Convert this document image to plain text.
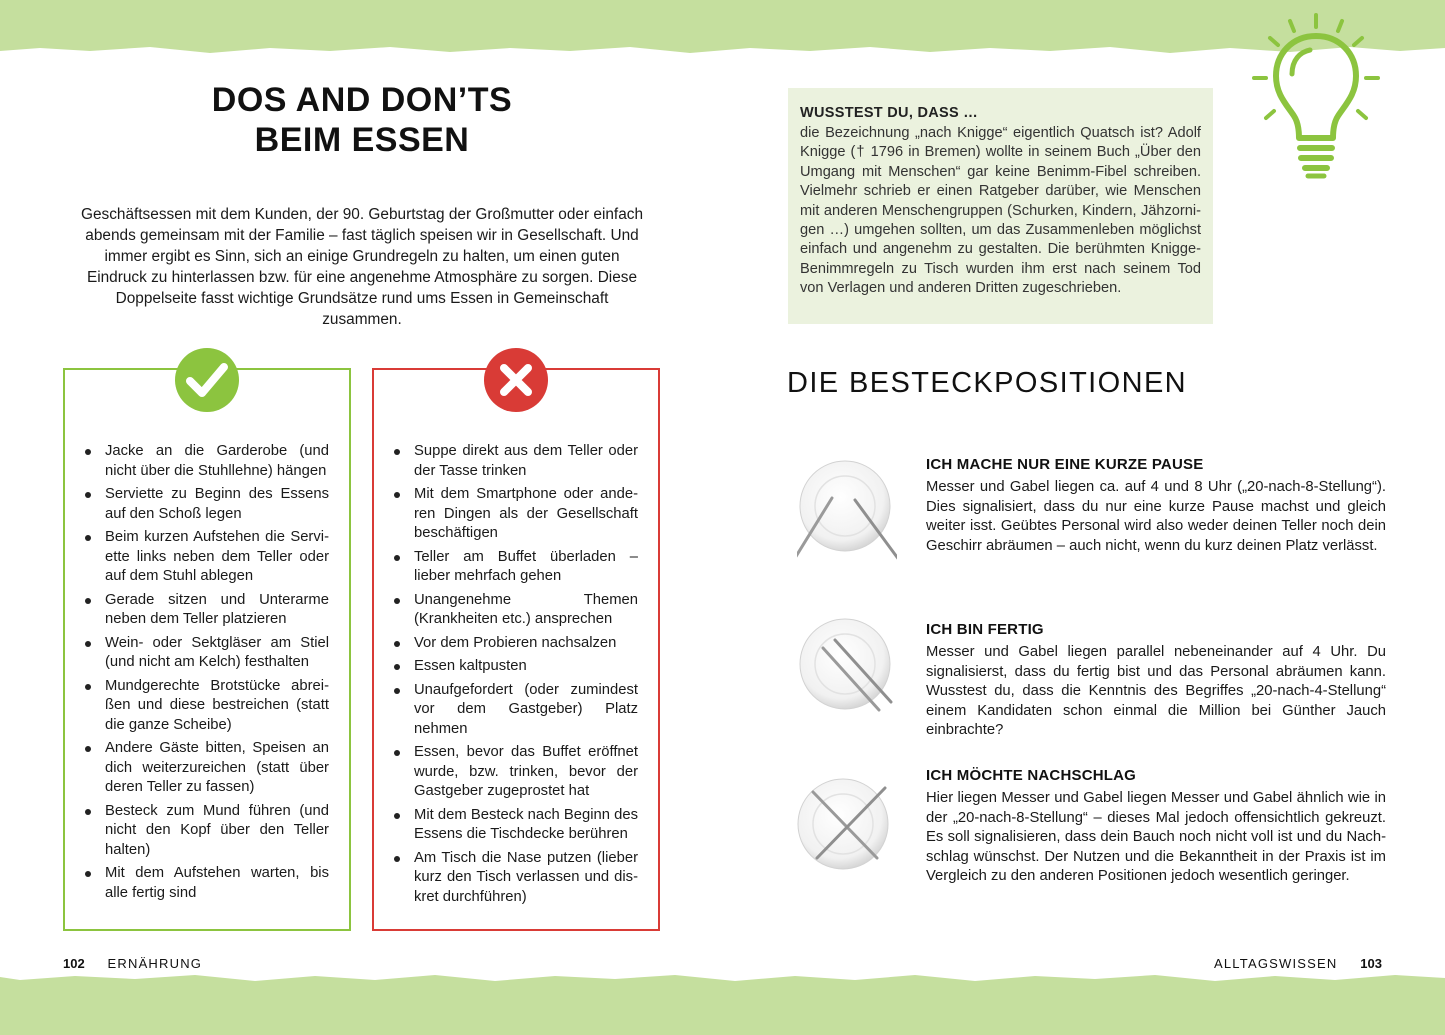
DOS AND DON’TS
BEIM ESSEN

Geschäftsessen mit dem Kunden, der 90. Geburtstag der Großmutter oder einfach abends gemeinsam mit der Familie – fast täglich speisen wir in Gesellschaft. Und immer ergibt es Sinn, sich an einige Grundregeln zu halten, um einen guten Eindruck zu hinterlassen bzw. für eine angenehme Atmosphäre zu sorgen. Diese Doppelseite fasst wichtige Grundsätze rund ums Essen in Gemeinschaft zusammen.

Jacke an die Garderobe (und nicht über die Stuhllehne) hängen
Serviette zu Beginn des Essens auf den Schoß legen
Beim kurzen Aufstehen die Serviette links neben dem Teller oder auf dem Stuhl ablegen
Gerade sitzen und Unterarme neben dem Teller platzieren
Wein- oder Sektgläser am Stiel (und nicht am Kelch) festhalten
Mundgerechte Brotstücke abreißen und diese bestreichen (statt die ganze Scheibe)
Andere Gäste bitten, Speisen an dich weiterzureichen (statt über deren Teller zu fassen)
Besteck zum Mund führen (und nicht den Kopf über den Teller halten)
Mit dem Aufstehen warten, bis alle fertig sind
Suppe direkt aus dem Teller oder der Tasse trinken
Mit dem Smartphone oder anderen Dingen als der Gesellschaft beschäftigen
Teller am Buffet überladen – lieber mehrfach gehen
Unangenehme Themen (Krankheiten etc.) ansprechen
Vor dem Probieren nachsalzen
Essen kaltpusten
Unaufgefordert (oder zumindest vor dem Gastgeber) Platz nehmen
Essen, bevor das Buffet eröffnet wurde, bzw. trinken, bevor der Gastgeber zugeprostet hat
Mit dem Besteck nach Beginn des Essens die Tischdecke berühren
Am Tisch die Nase putzen (lieber kurz den Tisch verlassen und diskret durchführen)
102 ERNÄHRUNG
WUSSTEST DU, DASS …

die Bezeichnung „nach Knigge“ eigentlich Quatsch ist? Adolf Knigge († 1796 in Bremen) wollte in seinem Buch „Über den Umgang mit Menschen“ gar keine Benimm-Fibel schreiben. Vielmehr schrieb er einen Ratgeber darüber, wie Menschen mit anderen Menschengruppen (Schurken, Kindern, Jähzornigen …) umgehen sollten, um das Zusammenleben möglichst einfach und angenehm zu gestalten. Die berühmten Knigge-Benimmregeln zu Tisch wurden ihm erst nach seinem Tod von Verlagen und anderen Dritten zugeschrieben.

DIE BESTECKPOSITIONEN
ICH MACHE NUR EINE KURZE PAUSE

Messer und Gabel liegen ca. auf 4 und 8 Uhr („20-nach-8-Stellung“). Dies signalisiert, dass du nur eine kurze Pause machst und gleich weiter isst. Geübtes Personal wird also weder deinen Teller noch dein Geschirr abräumen – auch nicht, wenn du kurz deinen Platz verlässt.

ICH BIN FERTIG

Messer und Gabel liegen parallel nebeneinander auf 4 Uhr. Du signalisierst, dass du fertig bist und das Personal abräumen kann. Wusstest du, dass die Kenntnis des Begriffes „20-nach-4-Stellung“ einem Kandidaten schon einmal die Million bei Günther Jauch einbrachte?

ICH MÖCHTE NACHSCHLAG

Hier liegen Messer und Gabel liegen Messer und Gabel ähnlich wie in der „20-nach-8-Stellung“ – dieses Mal jedoch offensichtlich gekreuzt. Es soll signalisieren, dass dein Bauch noch nicht voll ist und du Nachschlag wünschst. Der Nutzen und die Bekanntheit in der Praxis ist im Vergleich zu den anderen Positionen jedoch wesentlich geringer.

ALLTAGSWISSEN 103
